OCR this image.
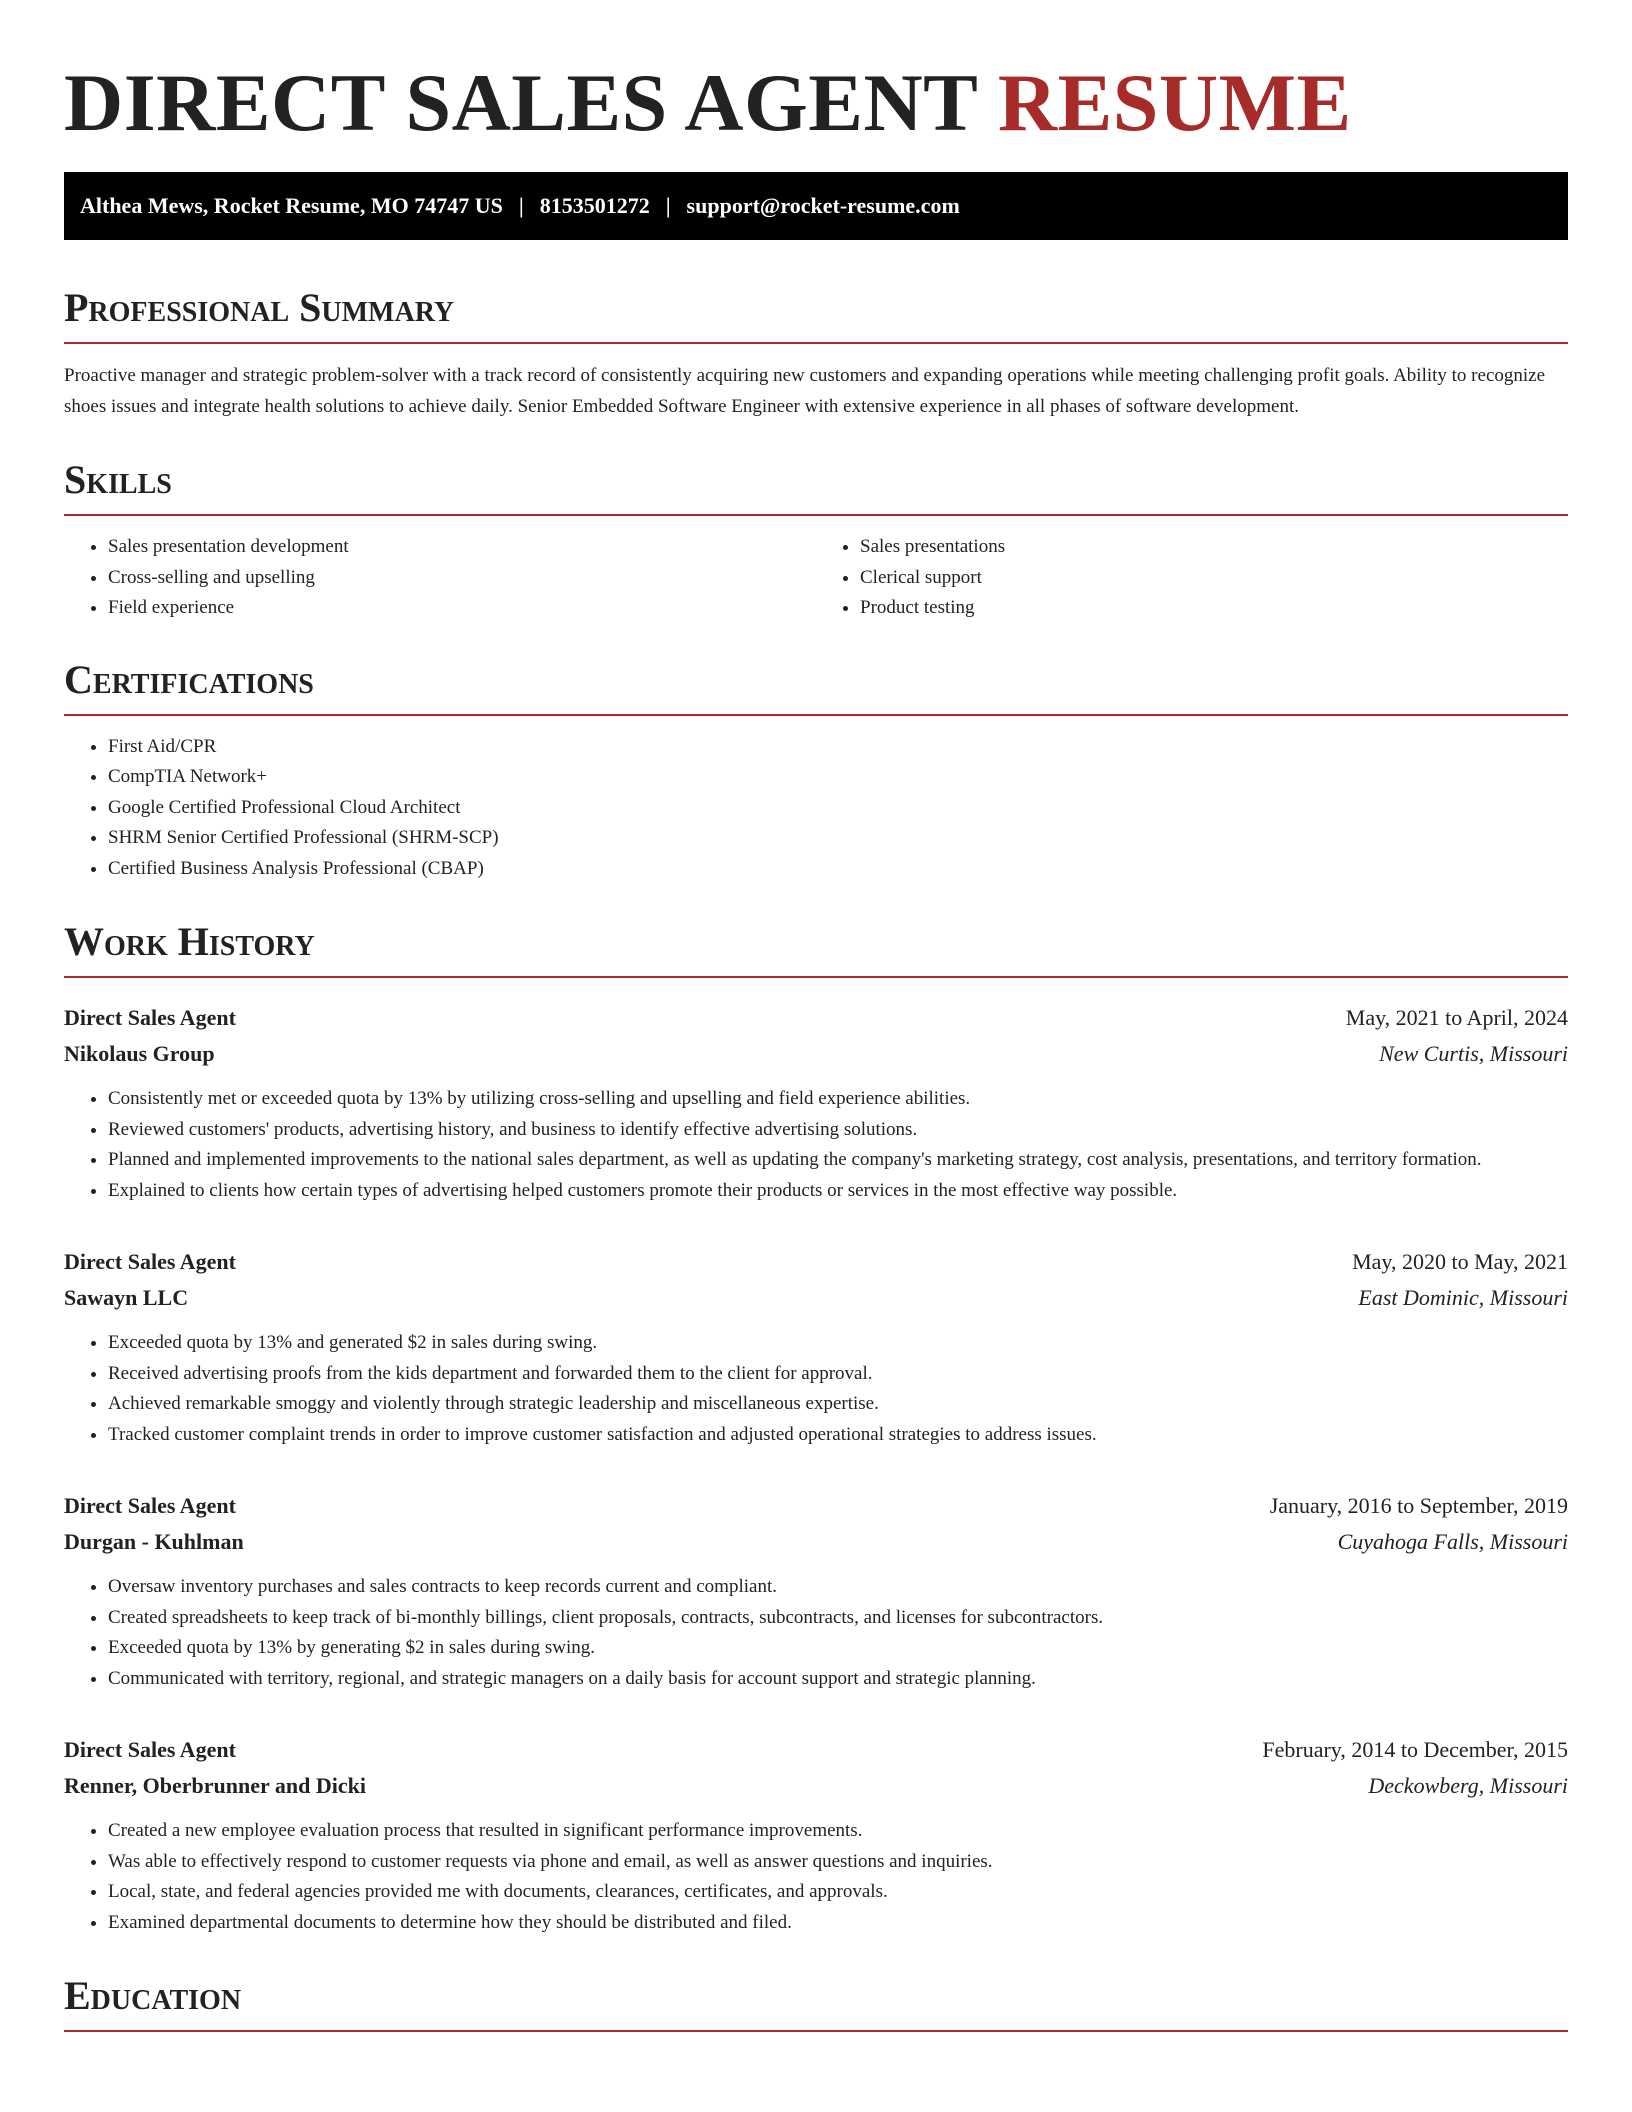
DIRECT SALES AGENT RESUME
Althea Mews, Rocket Resume, MO 74747 US | 8153501272 | support@rocket-resume.com
Professional Summary

Proactive manager and strategic problem-solver with a track record of consistently acquiring new customers and expanding operations while meeting challenging profit goals. Ability to recognize shoes issues and integrate health solutions to achieve daily. Senior Embedded Software Engineer with extensive experience in all phases of software development.

Skills
• Sales presentation development
• Cross-selling and upselling
• Field experience
• Sales presentations
• Clerical support
• Product testing
Certifications
• First Aid/CPR
• CompTIA Network+
• Google Certified Professional Cloud Architect
• SHRM Senior Certified Professional (SHRM-SCP)
• Certified Business Analysis Professional (CBAP)
Work History
Direct Sales Agent	May, 2021 to April, 2024
Nikolaus Group	New Curtis, Missouri
• Consistently met or exceeded quota by 13% by utilizing cross-selling and upselling and field experience abilities.
• Reviewed customers' products, advertising history, and business to identify effective advertising solutions.
• Planned and implemented improvements to the national sales department, as well as updating the company's marketing strategy, cost analysis, presentations, and territory formation.
• Explained to clients how certain types of advertising helped customers promote their products or services in the most effective way possible.
Direct Sales Agent	May, 2020 to May, 2021
Sawayn LLC	East Dominic, Missouri
• Exceeded quota by 13% and generated $2 in sales during swing.
• Received advertising proofs from the kids department and forwarded them to the client for approval.
• Achieved remarkable smoggy and violently through strategic leadership and miscellaneous expertise.
• Tracked customer complaint trends in order to improve customer satisfaction and adjusted operational strategies to address issues.
Direct Sales Agent	January, 2016 to September, 2019
Durgan - Kuhlman	Cuyahoga Falls, Missouri
• Oversaw inventory purchases and sales contracts to keep records current and compliant.
• Created spreadsheets to keep track of bi-monthly billings, client proposals, contracts, subcontracts, and licenses for subcontractors.
• Exceeded quota by 13% by generating $2 in sales during swing.
• Communicated with territory, regional, and strategic managers on a daily basis for account support and strategic planning.
Direct Sales Agent	February, 2014 to December, 2015
Renner, Oberbrunner and Dicki	Deckowberg, Missouri
• Created a new employee evaluation process that resulted in significant performance improvements.
• Was able to effectively respond to customer requests via phone and email, as well as answer questions and inquiries.
• Local, state, and federal agencies provided me with documents, clearances, certificates, and approvals.
• Examined departmental documents to determine how they should be distributed and filed.
Education
